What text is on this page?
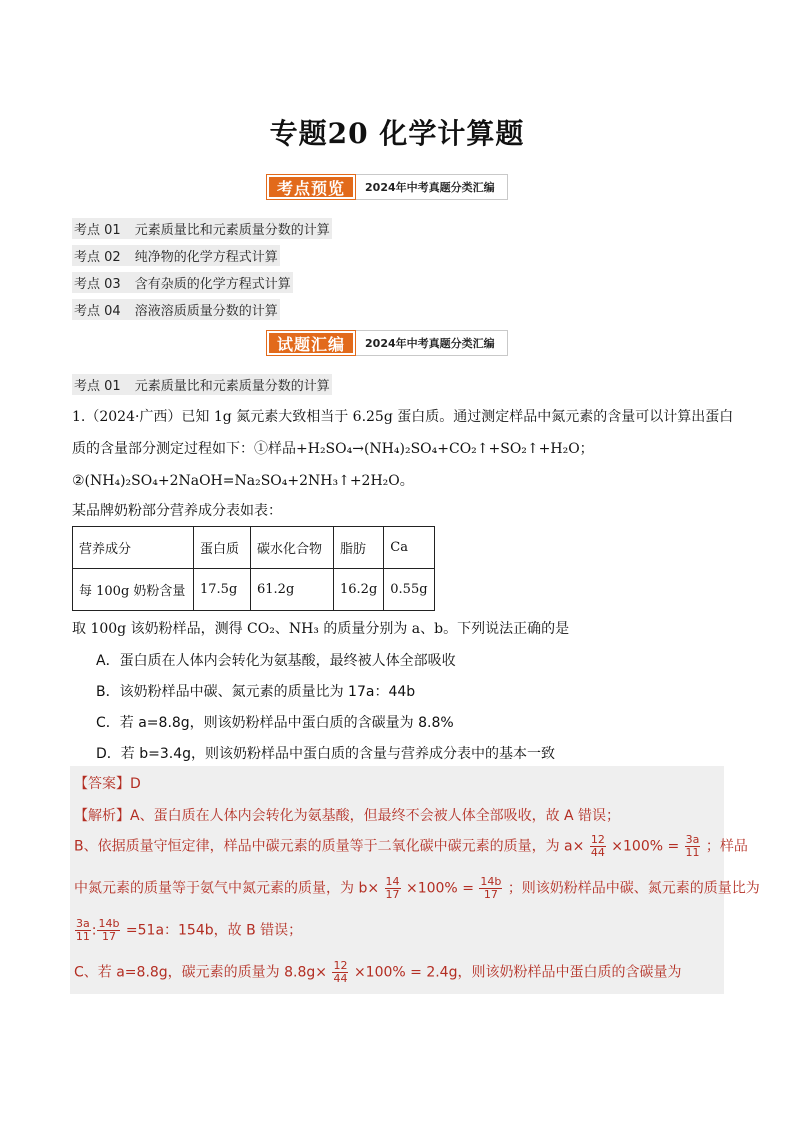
专题20 化学计算题
考点预览	2024年中考真题分类汇编
考点 01 元素质量比和元素质量分数的计算
考点 02 纯净物的化学方程式计算
考点 03 含有杂质的化学方程式计算
考点 04 溶液溶质质量分数的计算
试题汇编	2024年中考真题分类汇编
考点 01 元素质量比和元素质量分数的计算
1.（2024·广西）已知 1g 氮元素大致相当于 6.25g 蛋白质。通过测定样品中氮元素的含量可以计算出蛋白
质的含量部分测定过程如下：①样品+H₂SO₄→(NH₄)₂SO₄+CO₂↑+SO₂↑+H₂O；
②(NH₄)₂SO₄+2NaOH=Na₂SO₄+2NH₃↑+2H₂O。
某品牌奶粉部分营养成分表如表：
营养成分	蛋白质	碳水化合物	脂肪	Ca
每 100g 奶粉含量	17.5g	61.2g	16.2g	0.55g
取 100g 该奶粉样品，测得 CO₂、NH₃ 的质量分别为 a、b。下列说法正确的是
A．蛋白质在人体内会转化为氨基酸，最终被人体全部吸收
B．该奶粉样品中碳、氮元素的质量比为 17a：44b
C．若 a=8.8g，则该奶粉样品中蛋白质的含碳量为 8.8%
D．若 b=3.4g，则该奶粉样品中蛋白质的含量与营养成分表中的基本一致
【答案】D
【解析】A、蛋白质在人体内会转化为氨基酸，但最终不会被人体全部吸收，故 A 错误；
B、依据质量守恒定律，样品中碳元素的质量等于二氧化碳中碳元素的质量，为 $a\times \frac{12}{44} \times 100\% = \frac{3a}{11}$ ；样品
中氮元素的质量等于氨气中氮元素的质量，为 $b\times \frac{14}{17} \times 100\% = \frac{14b}{17}$ ；则该奶粉样品中碳、氮元素的质量比为
$\frac{3a}{11}$ : $\frac{14b}{17} =51a$：154b，故 B 错误；
C、若 a=8.8g，碳元素的质量为 $8.8g\times \frac{12}{44} \times 100\% = 2.4g$，则该奶粉样品中蛋白质的含碳量为
